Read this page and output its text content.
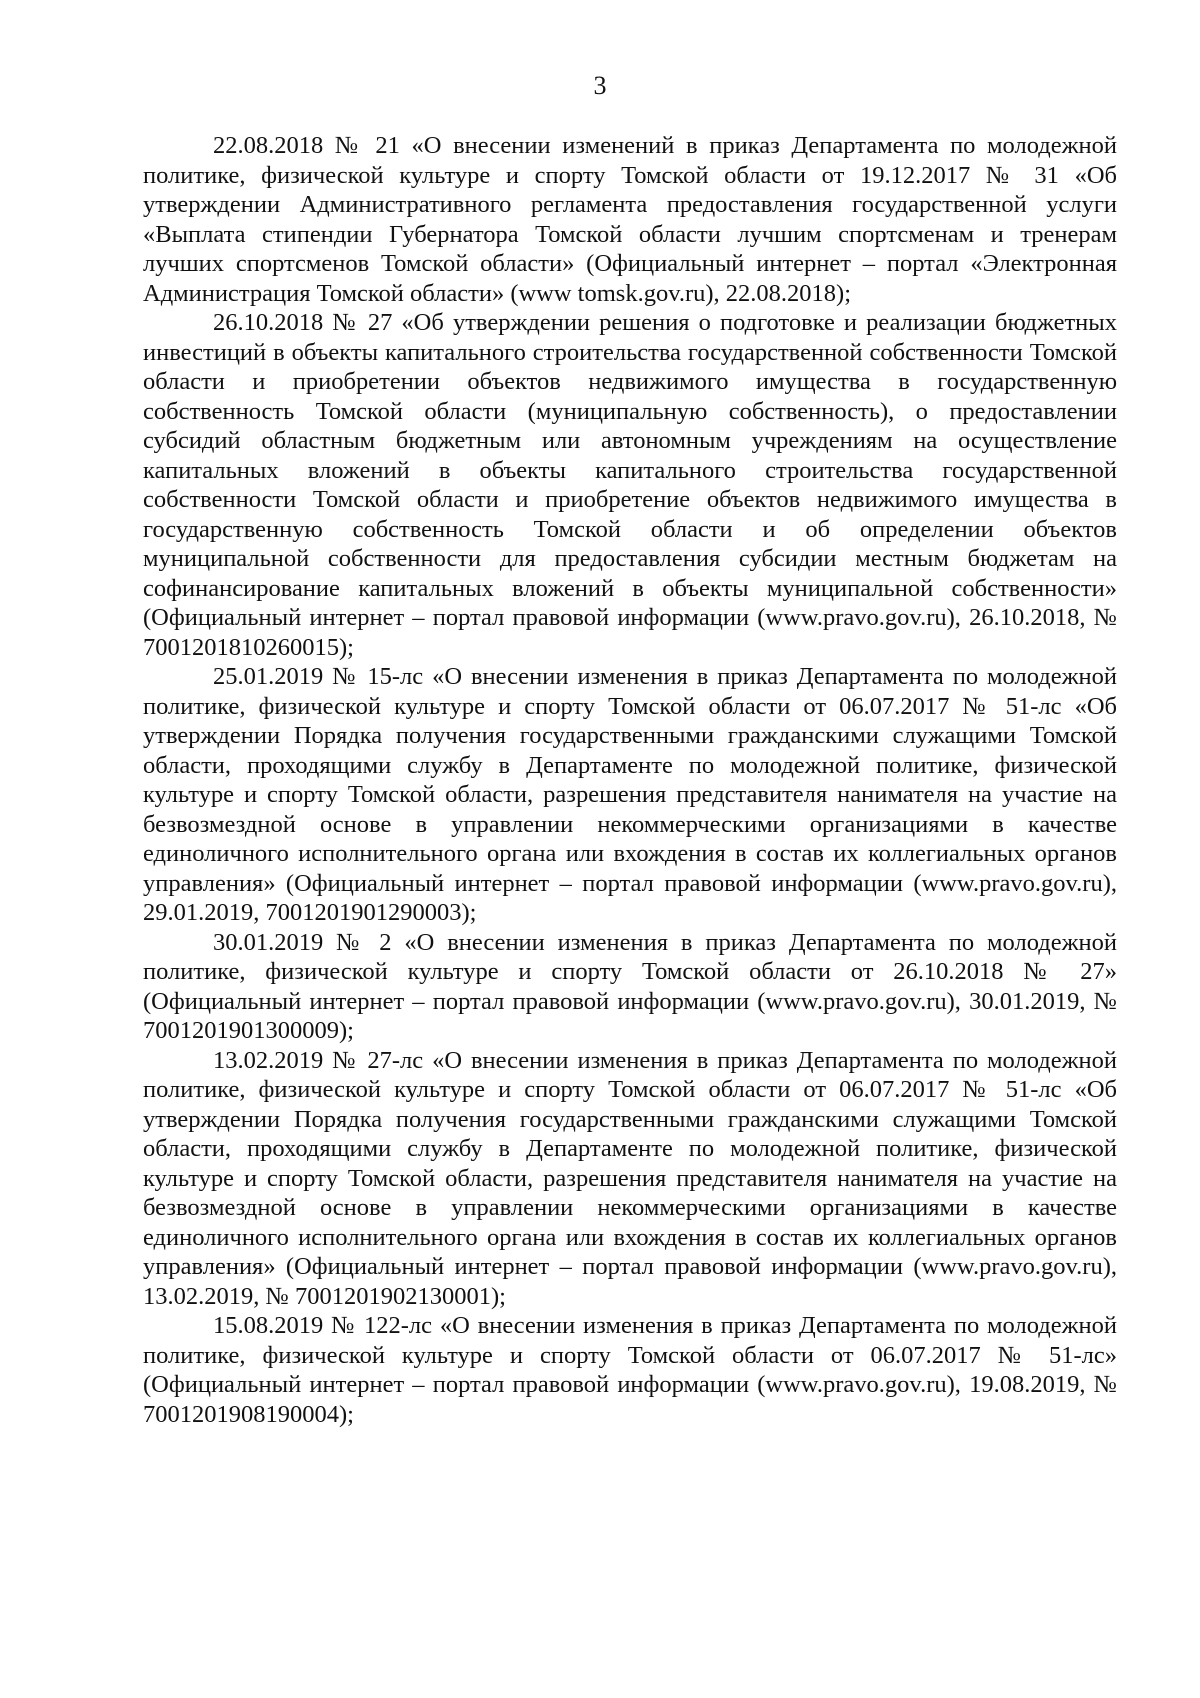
3

22.08.2018 № 21 «О внесении изменений в приказ Департамента по молодежной политике, физической культуре и спорту Томской области от 19.12.2017 № 31 «Об утверждении Административного регламента предоставления государственной услуги «Выплата стипендии Губернатора Томской области лучшим спортсменам и тренерам лучших спортсменов Томской области» (Официальный интернет – портал «Электронная Администрация Томской области» (www tomsk.gov.ru), 22.08.2018);

26.10.2018 № 27 «Об утверждении решения о подготовке и реализации бюджетных инвестиций в объекты капитального строительства государственной собственности Томской области и приобретении объектов недвижимого имущества в государственную собственность Томской области (муниципальную собственность), о предоставлении субсидий областным бюджетным или автономным учреждениям на осуществление капитальных вложений в объекты капитального строительства государственной собственности Томской области и приобретение объектов недвижимого имущества в государственную собственность Томской области и об определении объектов муниципальной собственности для предоставления субсидии местным бюджетам на софинансирование капитальных вложений в объекты муниципальной собственности» (Официальный интернет – портал правовой информации (www.pravo.gov.ru), 26.10.2018, № 7001201810260015);

25.01.2019 № 15-лс «О внесении изменения в приказ Департамента по молодежной политике, физической культуре и спорту Томской области от 06.07.2017 № 51-лс «Об утверждении Порядка получения государственными гражданскими служащими Томской области, проходящими службу в Департаменте по молодежной политике, физической культуре и спорту Томской области, разрешения представителя нанимателя на участие на безвозмездной основе в управлении некоммерческими организациями в качестве единоличного исполнительного органа или вхождения в состав их коллегиальных органов управления» (Официальный интернет – портал правовой информации (www.pravo.gov.ru), 29.01.2019, 7001201901290003);

30.01.2019 № 2 «О внесении изменения в приказ Департамента по молодежной политике, физической культуре и спорту Томской области от 26.10.2018 № 27» (Официальный интернет – портал правовой информации (www.pravo.gov.ru), 30.01.2019, № 7001201901300009);

13.02.2019 № 27-лс «О внесении изменения в приказ Департамента по молодежной политике, физической культуре и спорту Томской области от 06.07.2017 № 51-лс «Об утверждении Порядка получения государственными гражданскими служащими Томской области, проходящими службу в Департаменте по молодежной политике, физической культуре и спорту Томской области, разрешения представителя нанимателя на участие на безвозмездной основе в управлении некоммерческими организациями в качестве единоличного исполнительного органа или вхождения в состав их коллегиальных органов управления» (Официальный интернет – портал правовой информации (www.pravo.gov.ru), 13.02.2019, № 7001201902130001);

15.08.2019 № 122-лс «О внесении изменения в приказ Департамента по молодежной политике, физической культуре и спорту Томской области от 06.07.2017 № 51-лс» (Официальный интернет – портал правовой информации (www.pravo.gov.ru), 19.08.2019, № 7001201908190004);
